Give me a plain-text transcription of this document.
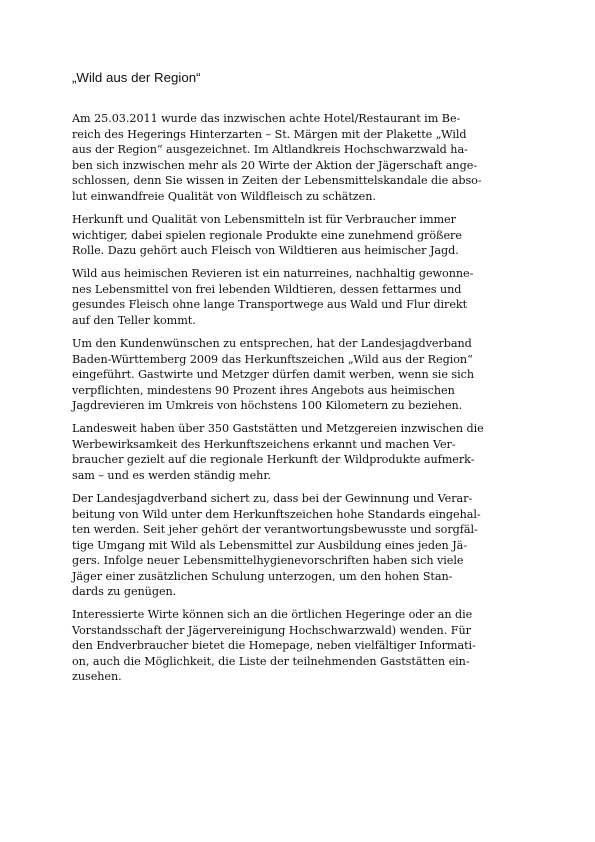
„Wild aus der Region“
Am 25.03.2011 wurde das inzwischen achte Hotel/Restaurant im Be-
reich des Hegerings Hinterzarten – St. Märgen mit der Plakette „Wild
aus der Region“ ausgezeichnet. Im Altlandkreis Hochschwarzwald ha-
ben sich inzwischen mehr als 20 Wirte der Aktion der Jägerschaft ange-
schlossen, denn Sie wissen in Zeiten der Lebensmittelskandale die abso-
lut einwandfreie Qualität von Wildfleisch zu schätzen.
Herkunft und Qualität von Lebensmitteln ist für Verbraucher immer
wichtiger, dabei spielen regionale Produkte eine zunehmend größere
Rolle. Dazu gehört auch Fleisch von Wildtieren aus heimischer Jagd.
Wild aus heimischen Revieren ist ein naturreines, nachhaltig gewonne-
nes Lebensmittel von frei lebenden Wildtieren, dessen fettarmes und
gesundes Fleisch ohne lange Transportwege aus Wald und Flur direkt
auf den Teller kommt.
Um den Kundenwünschen zu entsprechen, hat der Landesjagdverband
Baden-Württemberg 2009 das Herkunftszeichen „Wild aus der Region“
eingeführt. Gastwirte und Metzger dürfen damit werben, wenn sie sich
verpflichten, mindestens 90 Prozent ihres Angebots aus heimischen
Jagdrevieren im Umkreis von höchstens 100 Kilometern zu beziehen.
Landesweit haben über 350 Gaststätten und Metzgereien inzwischen die
Werbewirksamkeit des Herkunftszeichens erkannt und machen Ver-
braucher gezielt auf die regionale Herkunft der Wildprodukte aufmerk-
sam – und es werden ständig mehr.
Der Landesjagdverband sichert zu, dass bei der Gewinnung und Verar-
beitung von Wild unter dem Herkunftszeichen hohe Standards eingehal-
ten werden. Seit jeher gehört der verantwortungsbewusste und sorgfäl-
tige Umgang mit Wild als Lebensmittel zur Ausbildung eines jeden Jä-
gers. Infolge neuer Lebensmittelhygienevorschriften haben sich viele
Jäger einer zusätzlichen Schulung unterzogen, um den hohen Stan-
dards zu genügen.
Interessierte Wirte können sich an die örtlichen Hegeringe oder an die
Vorstandsschaft der Jägervereinigung Hochschwarzwald) wenden. Für
den Endverbraucher bietet die Homepage, neben vielfältiger Informati-
on, auch die Möglichkeit, die Liste der teilnehmenden Gaststätten ein-
zusehen.
